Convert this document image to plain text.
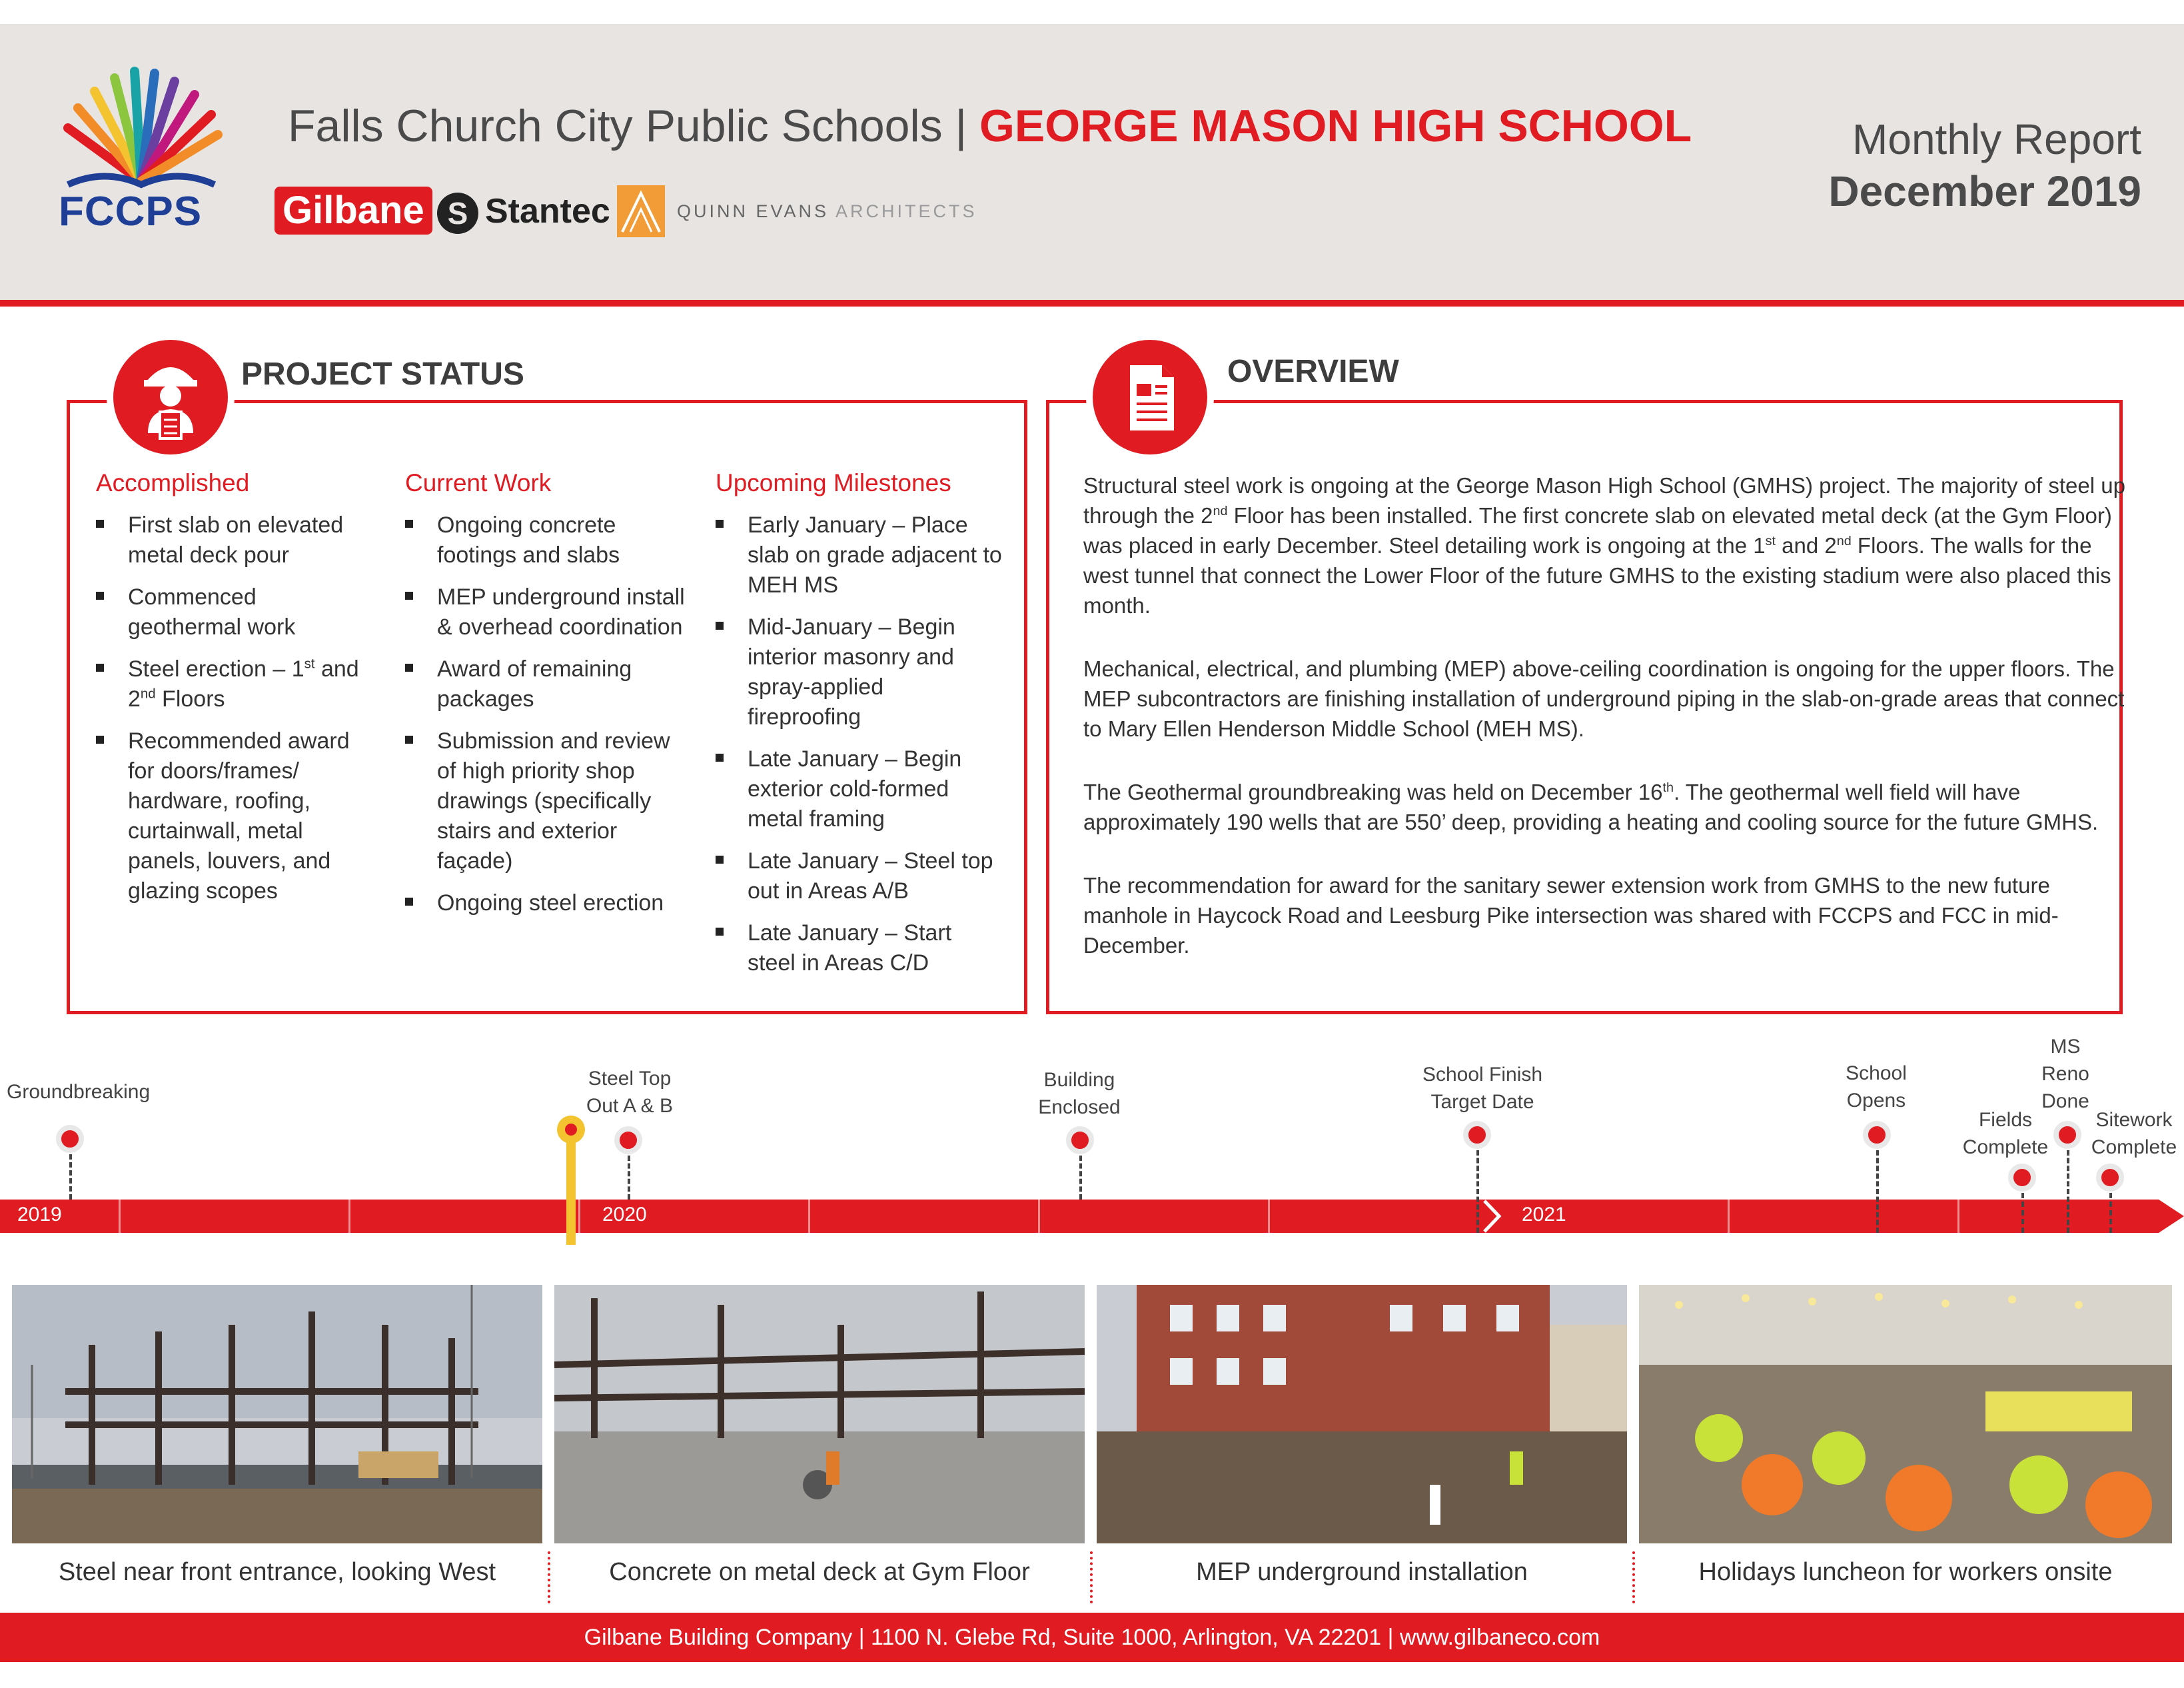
FCCPS
Falls Church City Public Schools | GEORGE MASON HIGH SCHOOL	Monthly Report
December 2019
Gilbane S Stantec	QUINN EVANS ARCHITECTS
PROJECT STATUS
Accomplished
First slab on elevated metal deck pour
Commenced geothermal work
Steel erection – 1st and 2nd Floors
Recommended award for doors/frames/ hardware, roofing, curtainwall, metal panels, louvers, and glazing scopes
Current Work
Ongoing concrete footings and slabs
MEP underground install & overhead coordination
Award of remaining packages
Submission and review of high priority shop drawings (specifically stairs and exterior façade)
Ongoing steel erection
Upcoming Milestones
Early January – Place slab on grade adjacent to MEH MS
Mid-January – Begin interior masonry and spray-applied fireproofing
Late January – Begin exterior cold-formed metal framing
Late January – Steel top out in Areas A/B
Late January – Start steel in Areas C/D
OVERVIEW

Structural steel work is ongoing at the George Mason High School (GMHS) project. The majority of steel up through the 2nd Floor has been installed. The first concrete slab on elevated metal deck (at the Gym Floor) was placed in early December. Steel detailing work is ongoing at the 1st and 2nd Floors. The walls for the west tunnel that connect the Lower Floor of the future GMHS to the existing stadium were also placed this month.

Mechanical, electrical, and plumbing (MEP) above-ceiling coordination is ongoing for the upper floors. The MEP subcontractors are finishing installation of underground piping in the slab-on-grade areas that connect to Mary Ellen Henderson Middle School (MEH MS).

The Geothermal groundbreaking was held on December 16th. The geothermal well field will have approximately 190 wells that are 550’ deep, providing a heating and cooling source for the future GMHS.

The recommendation for award for the sanitary sewer extension work from GMHS to the new future manhole in Haycock Road and Leesburg Pike intersection was shared with FCCPS and FCC in mid-December.

2019	2020	2021
Groundbreaking
Steel Top
Out A & B
Building
Enclosed
School Finish
Target Date
School
Opens
Fields
Complete
MS
Reno
Done
Sitework
Complete
Steel near front entrance, looking West	Concrete on metal deck at Gym Floor	MEP underground installation	Holidays luncheon for workers onsite
Gilbane Building Company | 1100 N. Glebe Rd, Suite 1000, Arlington, VA 22201 | www.gilbaneco.com
